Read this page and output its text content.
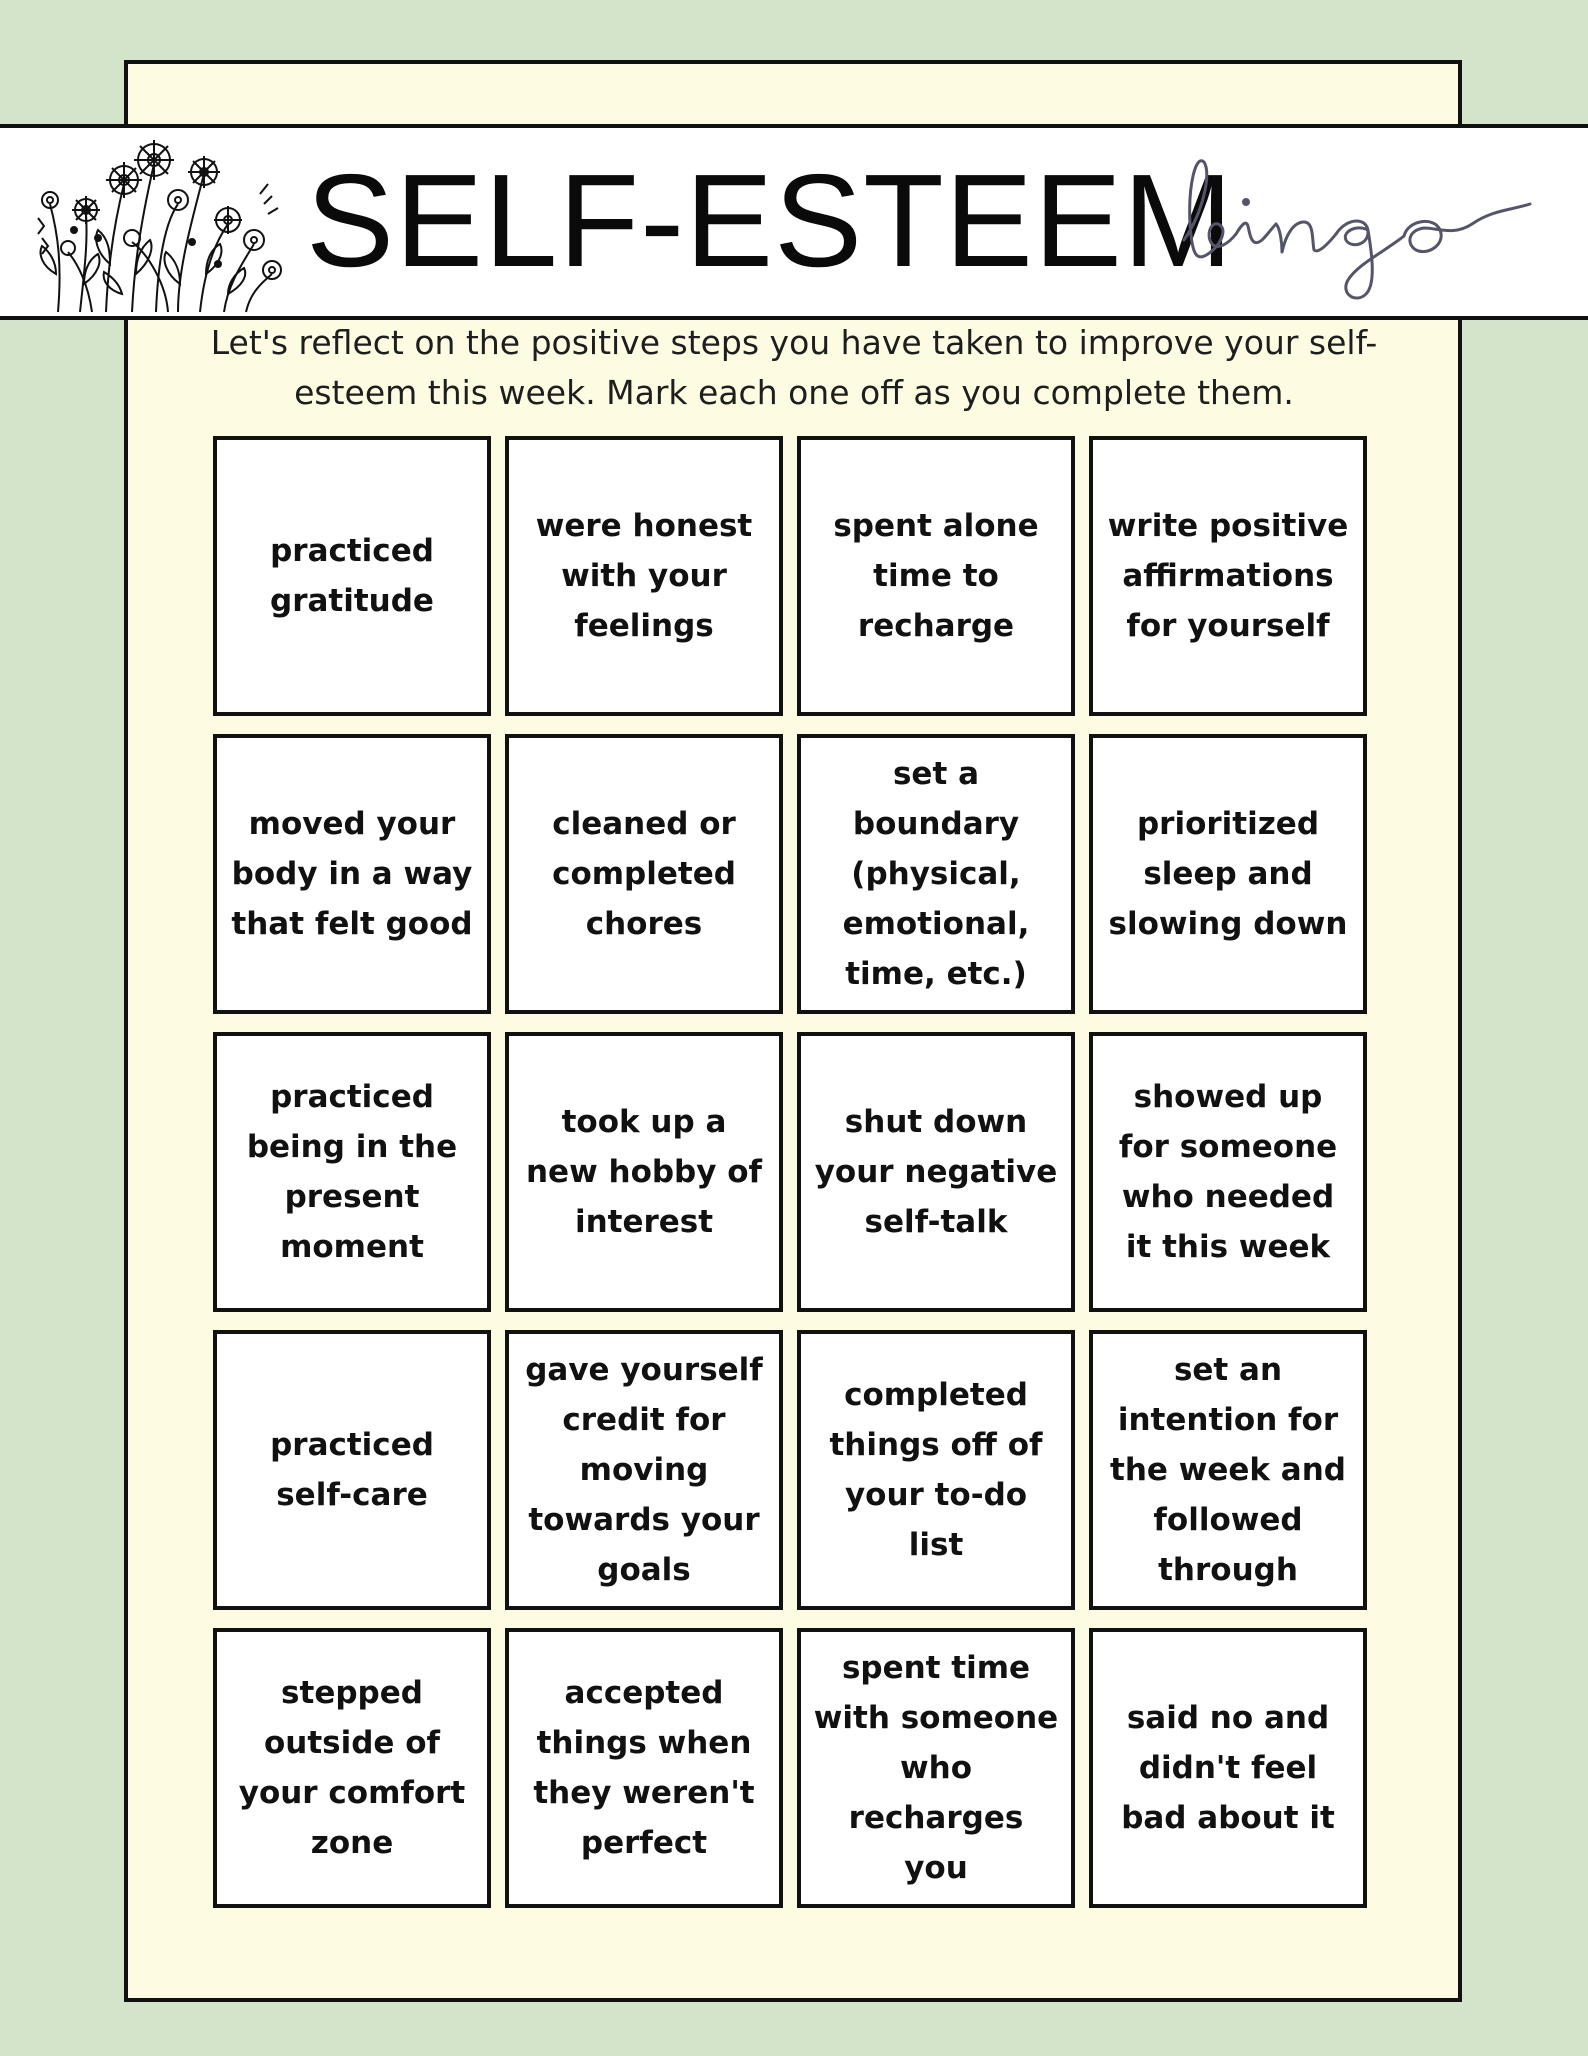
SELF-ESTEEM
Let's reflect on the positive steps you have taken to improve your self-esteem this week. Mark each one off as you complete them.
practiced gratitude
were honest with your feelings
spent alone time to recharge
write positive affirmations for yourself
moved your body in a way that felt good
cleaned or completed chores
set a boundary (physical, emotional, time, etc.)
prioritized sleep and slowing down
practiced being in the present moment
took up a new hobby of interest
shut down your negative self-talk
showed up for someone who needed it this week
practiced self-care
gave yourself credit for moving towards your goals
completed things off of your to-do list
set an intention for the week and followed through
stepped outside of your comfort zone
accepted things when they weren't perfect
spent time with someone who recharges you
said no and didn't feel bad about it
